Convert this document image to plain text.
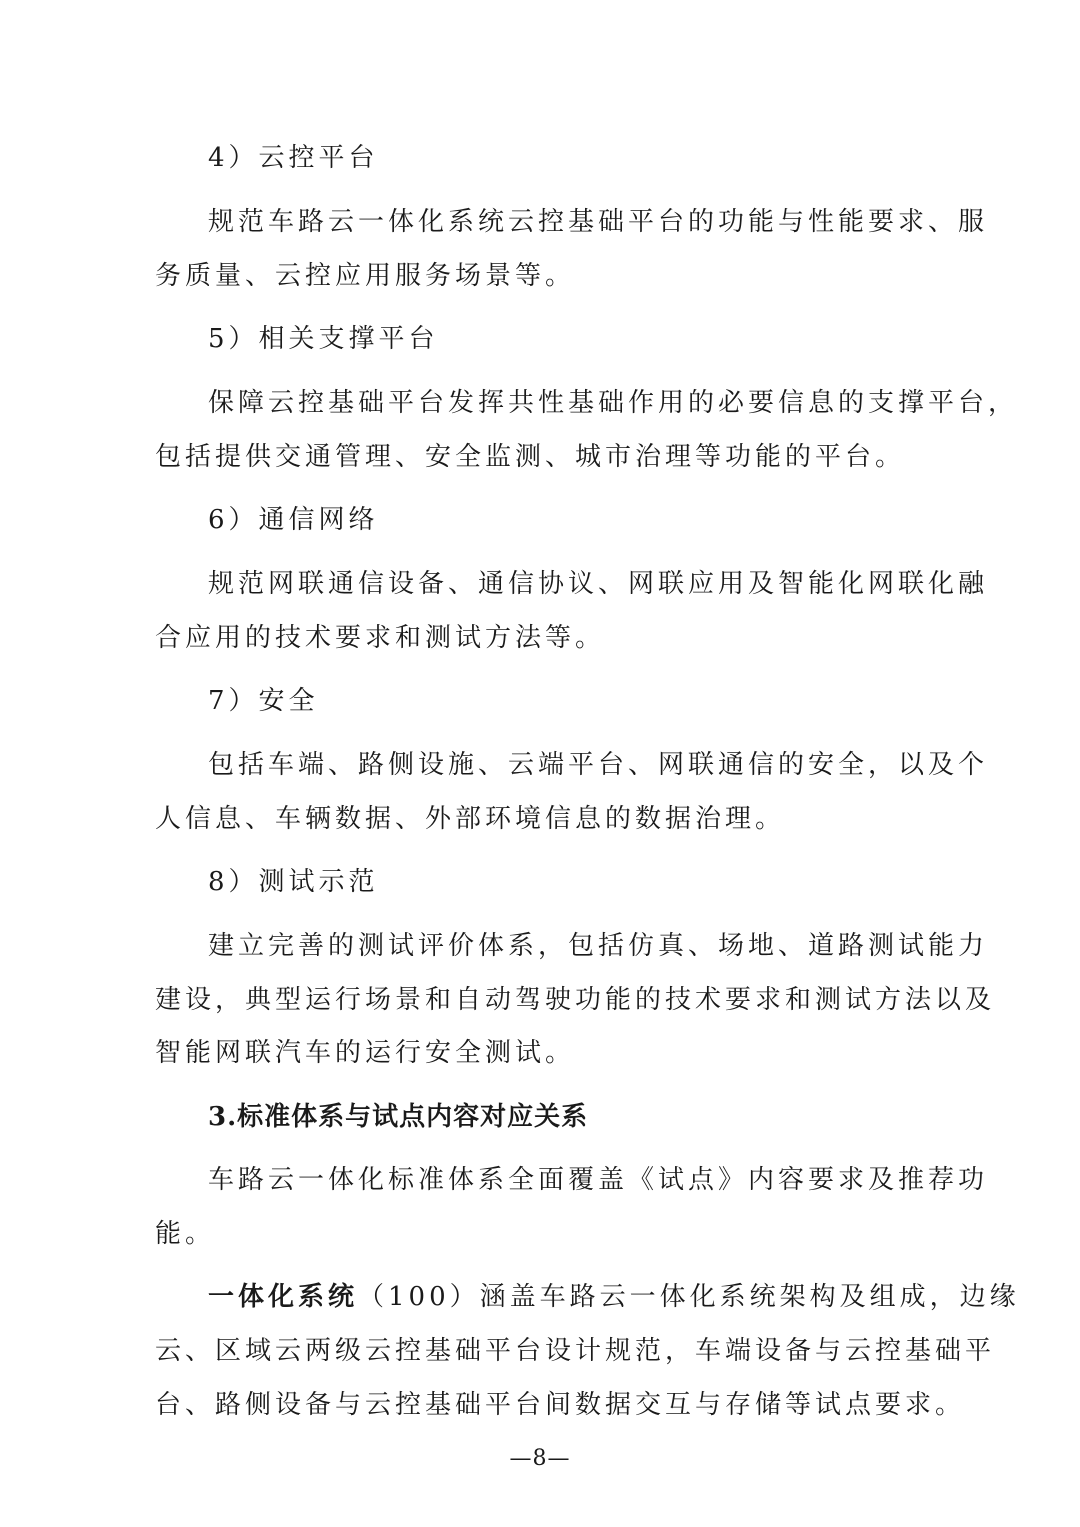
4）云控平台
规范车路云一体化系统云控基础平台的功能与性能要求、服
务质量、云控应用服务场景等。
5）相关支撑平台
保障云控基础平台发挥共性基础作用的必要信息的支撑平台，
包括提供交通管理、安全监测、城市治理等功能的平台。
6）通信网络
规范网联通信设备、通信协议、网联应用及智能化网联化融
合应用的技术要求和测试方法等。
7）安全
包括车端、路侧设施、云端平台、网联通信的安全，以及个
人信息、车辆数据、外部环境信息的数据治理。
8）测试示范
建立完善的测试评价体系，包括仿真、场地、道路测试能力
建设，典型运行场景和自动驾驶功能的技术要求和测试方法以及
智能网联汽车的运行安全测试。
3.标准体系与试点内容对应关系
车路云一体化标准体系全面覆盖《试点》内容要求及推荐功
能。
一体化系统 （100）涵盖车路云一体化系统架构及组成，边缘
云、区域云两级云控基础平台设计规范，车端设备与云控基础平
台、路侧设备与云控基础平台间数据交互与存储等试点要求。
—8—
